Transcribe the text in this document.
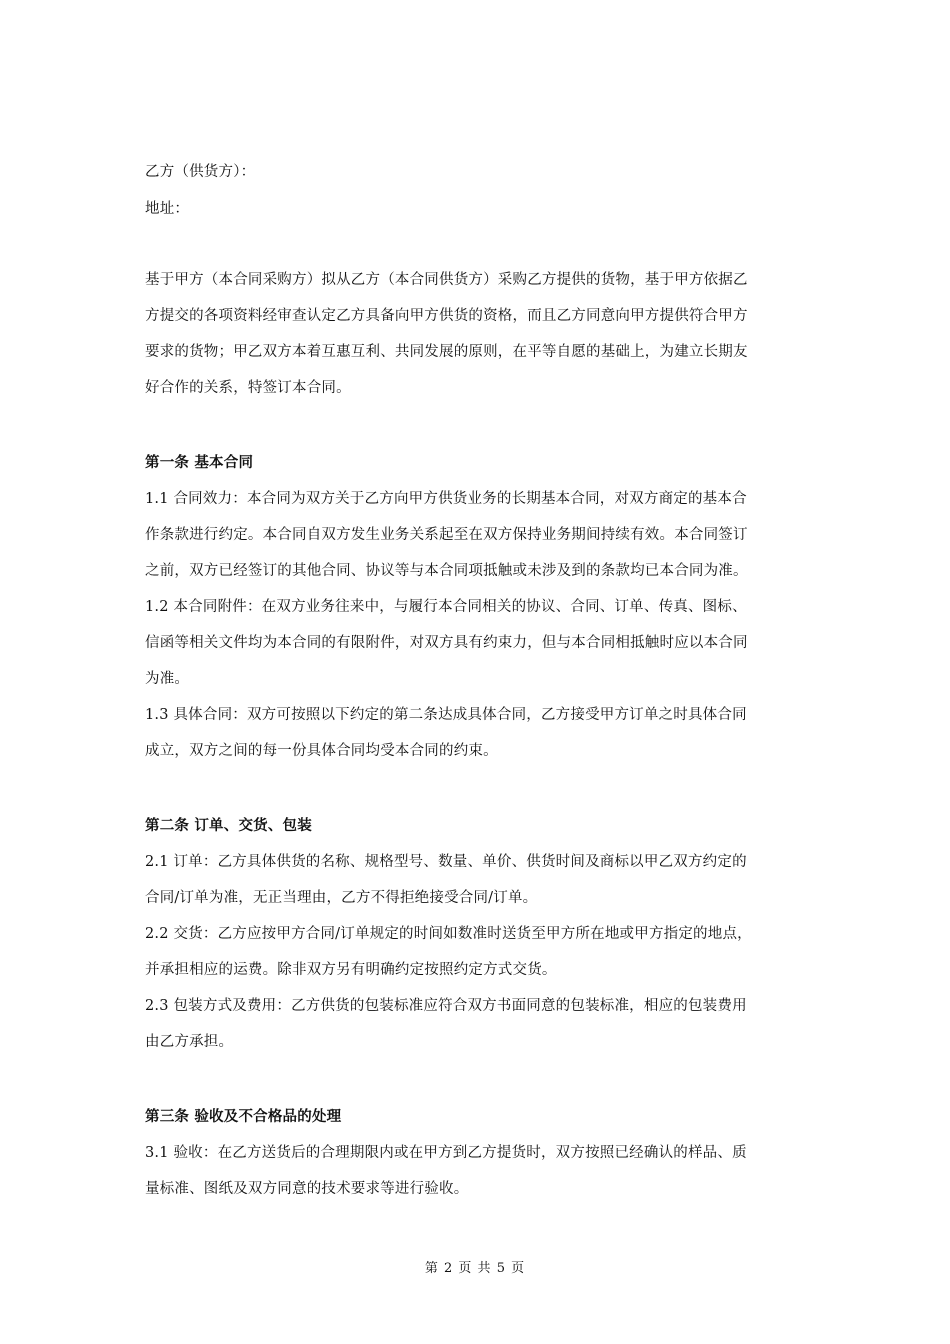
乙方（供货方）：
地址：
基于甲方（本合同采购方）拟从乙方（本合同供货方）采购乙方提供的货物，基于甲方依据乙
方提交的各项资料经审查认定乙方具备向甲方供货的资格，而且乙方同意向甲方提供符合甲方
要求的货物；甲乙双方本着互惠互利、共同发展的原则，在平等自愿的基础上，为建立长期友
好合作的关系，特签订本合同。
第一条 基本合同
1.1 合同效力：本合同为双方关于乙方向甲方供货业务的长期基本合同，对双方商定的基本合
作条款进行约定。本合同自双方发生业务关系起至在双方保持业务期间持续有效。本合同签订
之前，双方已经签订的其他合同、协议等与本合同项抵触或未涉及到的条款均已本合同为准。
1.2 本合同附件：在双方业务往来中，与履行本合同相关的协议、合同、订单、传真、图标、
信函等相关文件均为本合同的有限附件，对双方具有约束力，但与本合同相抵触时应以本合同
为准。
1.3 具体合同：双方可按照以下约定的第二条达成具体合同，乙方接受甲方订单之时具体合同
成立，双方之间的每一份具体合同均受本合同的约束。
第二条 订单、交货、包装
2.1 订单：乙方具体供货的名称、规格型号、数量、单价、供货时间及商标以甲乙双方约定的
合同/订单为准，无正当理由，乙方不得拒绝接受合同/订单。
2.2 交货：乙方应按甲方合同/订单规定的时间如数准时送货至甲方所在地或甲方指定的地点，
并承担相应的运费。除非双方另有明确约定按照约定方式交货。
2.3 包装方式及费用：乙方供货的包装标准应符合双方书面同意的包装标准，相应的包装费用
由乙方承担。
第三条 验收及不合格品的处理
3.1 验收：在乙方送货后的合理期限内或在甲方到乙方提货时，双方按照已经确认的样品、质
量标准、图纸及双方同意的技术要求等进行验收。
第 2 页 共 5 页
